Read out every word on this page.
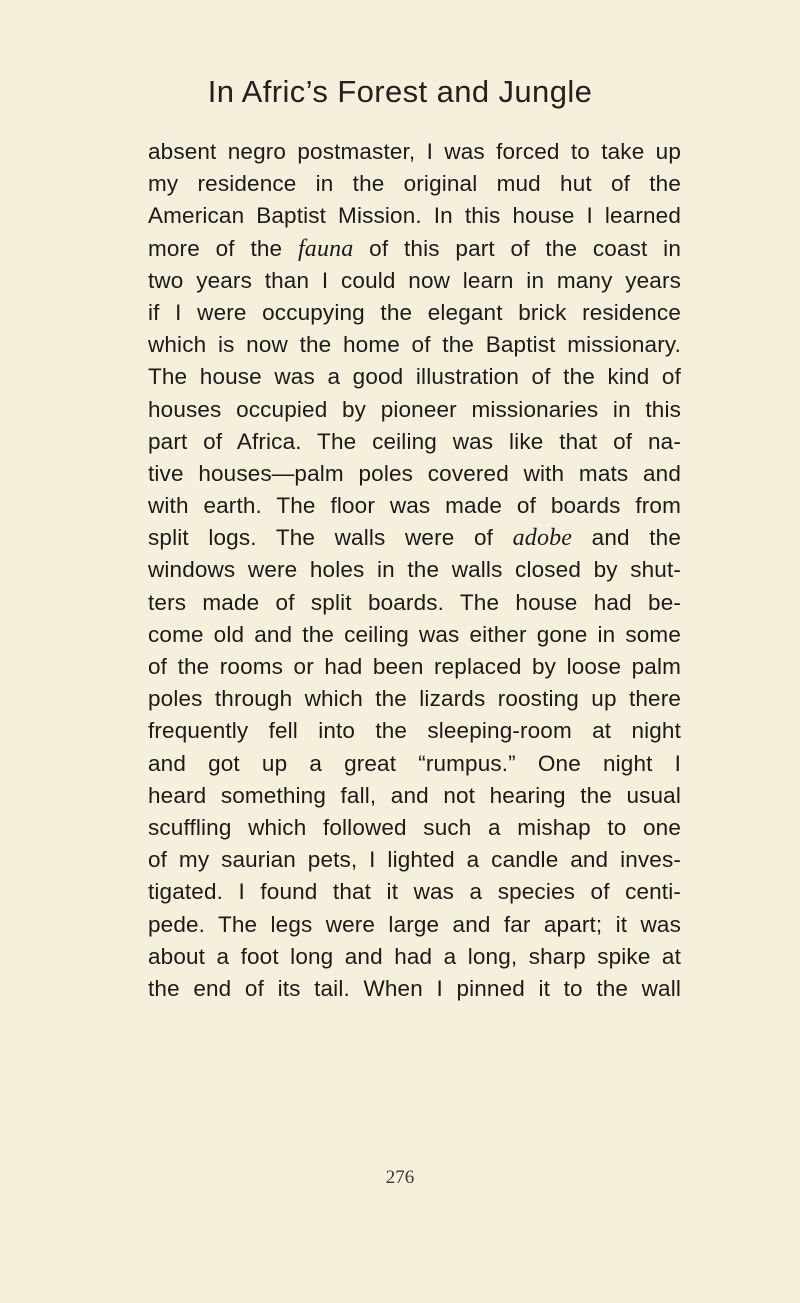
In Afric’s Forest and Jungle
absent negro postmaster, I was forced to take up
my residence in the original mud hut of the
American Baptist Mission. In this house I learned
more of the fauna of this part of the coast in
two years than I could now learn in many years
if I were occupying the elegant brick residence
which is now the home of the Baptist missionary.
The house was a good illustration of the kind of
houses occupied by pioneer missionaries in this
part of Africa. The ceiling was like that of na-
tive houses—palm poles covered with mats and
with earth. The floor was made of boards from
split logs. The walls were of adobe and the
windows were holes in the walls closed by shut-
ters made of split boards. The house had be-
come old and the ceiling was either gone in some
of the rooms or had been replaced by loose palm
poles through which the lizards roosting up there
frequently fell into the sleeping-room at night
and got up a great “rumpus.” One night I
heard something fall, and not hearing the usual
scuffling which followed such a mishap to one
of my saurian pets, I lighted a candle and inves-
tigated. I found that it was a species of centi-
pede. The legs were large and far apart; it was
about a foot long and had a long, sharp spike at
the end of its tail. When I pinned it to the wall
276
